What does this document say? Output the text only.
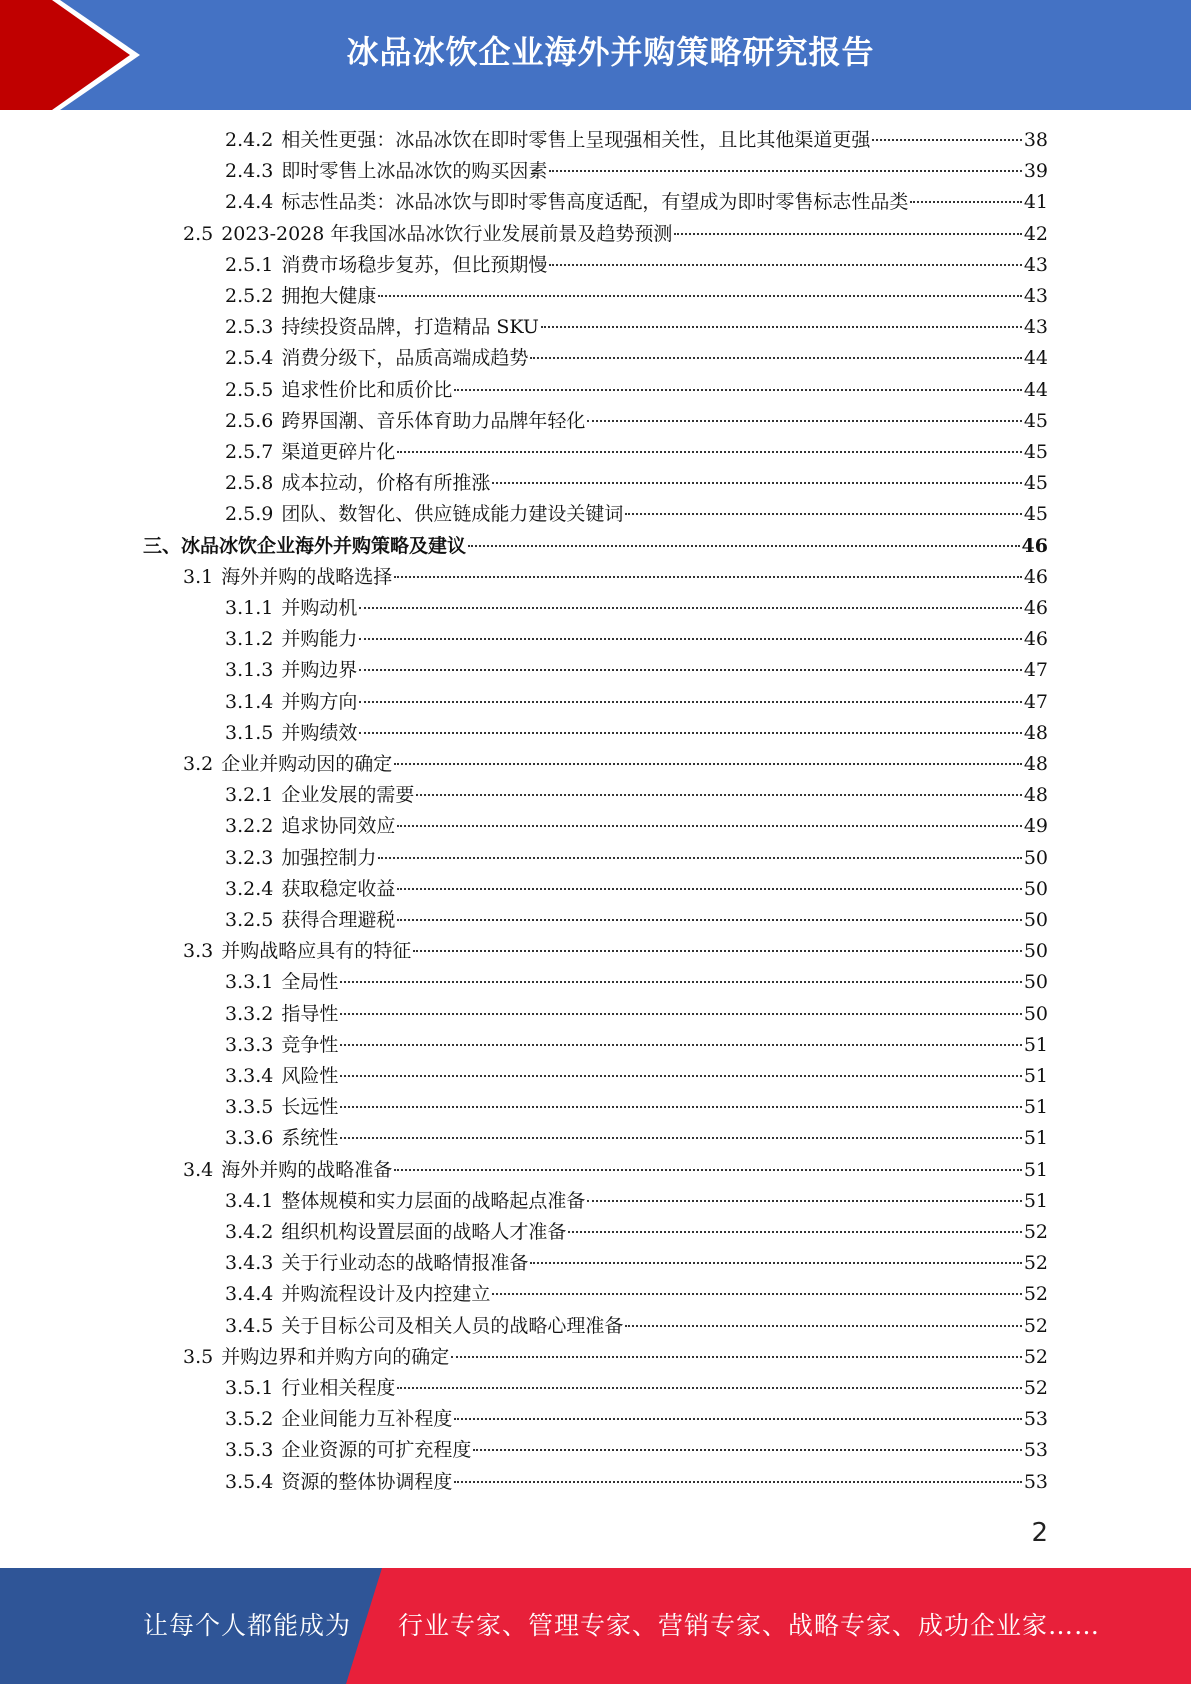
冰品冰饮企业海外并购策略研究报告
2.4.2 相关性更强：冰品冰饮在即时零售上呈现强相关性，且比其他渠道更强	38
2.4.3 即时零售上冰品冰饮的购买因素	39
2.4.4 标志性品类：冰品冰饮与即时零售高度适配，有望成为即时零售标志性品类	41
2.5 2023-2028 年我国冰品冰饮行业发展前景及趋势预测	42
2.5.1 消费市场稳步复苏，但比预期慢	43
2.5.2 拥抱大健康	43
2.5.3 持续投资品牌，打造精品 SKU	43
2.5.4 消费分级下，品质高端成趋势	44
2.5.5 追求性价比和质价比	44
2.5.6 跨界国潮、音乐体育助力品牌年轻化	45
2.5.7 渠道更碎片化	45
2.5.8 成本拉动，价格有所推涨	45
2.5.9 团队、数智化、供应链成能力建设关键词	45
三、 冰品冰饮企业海外并购策略及建议	46
3.1 海外并购的战略选择	46
3.1.1 并购动机	46
3.1.2 并购能力	46
3.1.3 并购边界	47
3.1.4 并购方向	47
3.1.5 并购绩效	48
3.2 企业并购动因的确定	48
3.2.1 企业发展的需要	48
3.2.2 追求协同效应	49
3.2.3 加强控制力	50
3.2.4 获取稳定收益	50
3.2.5 获得合理避税	50
3.3 并购战略应具有的特征	50
3.3.1 全局性	50
3.3.2 指导性	50
3.3.3 竞争性	51
3.3.4 风险性	51
3.3.5 长远性	51
3.3.6 系统性	51
3.4 海外并购的战略准备	51
3.4.1 整体规模和实力层面的战略起点准备	51
3.4.2 组织机构设置层面的战略人才准备	52
3.4.3 关于行业动态的战略情报准备	52
3.4.4 并购流程设计及内控建立	52
3.4.5 关于目标公司及相关人员的战略心理准备	52
3.5 并购边界和并购方向的确定	52
3.5.1 行业相关程度	52
3.5.2 企业间能力互补程度	53
3.5.3 企业资源的可扩充程度	53
3.5.4 资源的整体协调程度	53
2
让每个人都能成为 行业专家、管理专家、营销专家、战略专家、成功企业家……
